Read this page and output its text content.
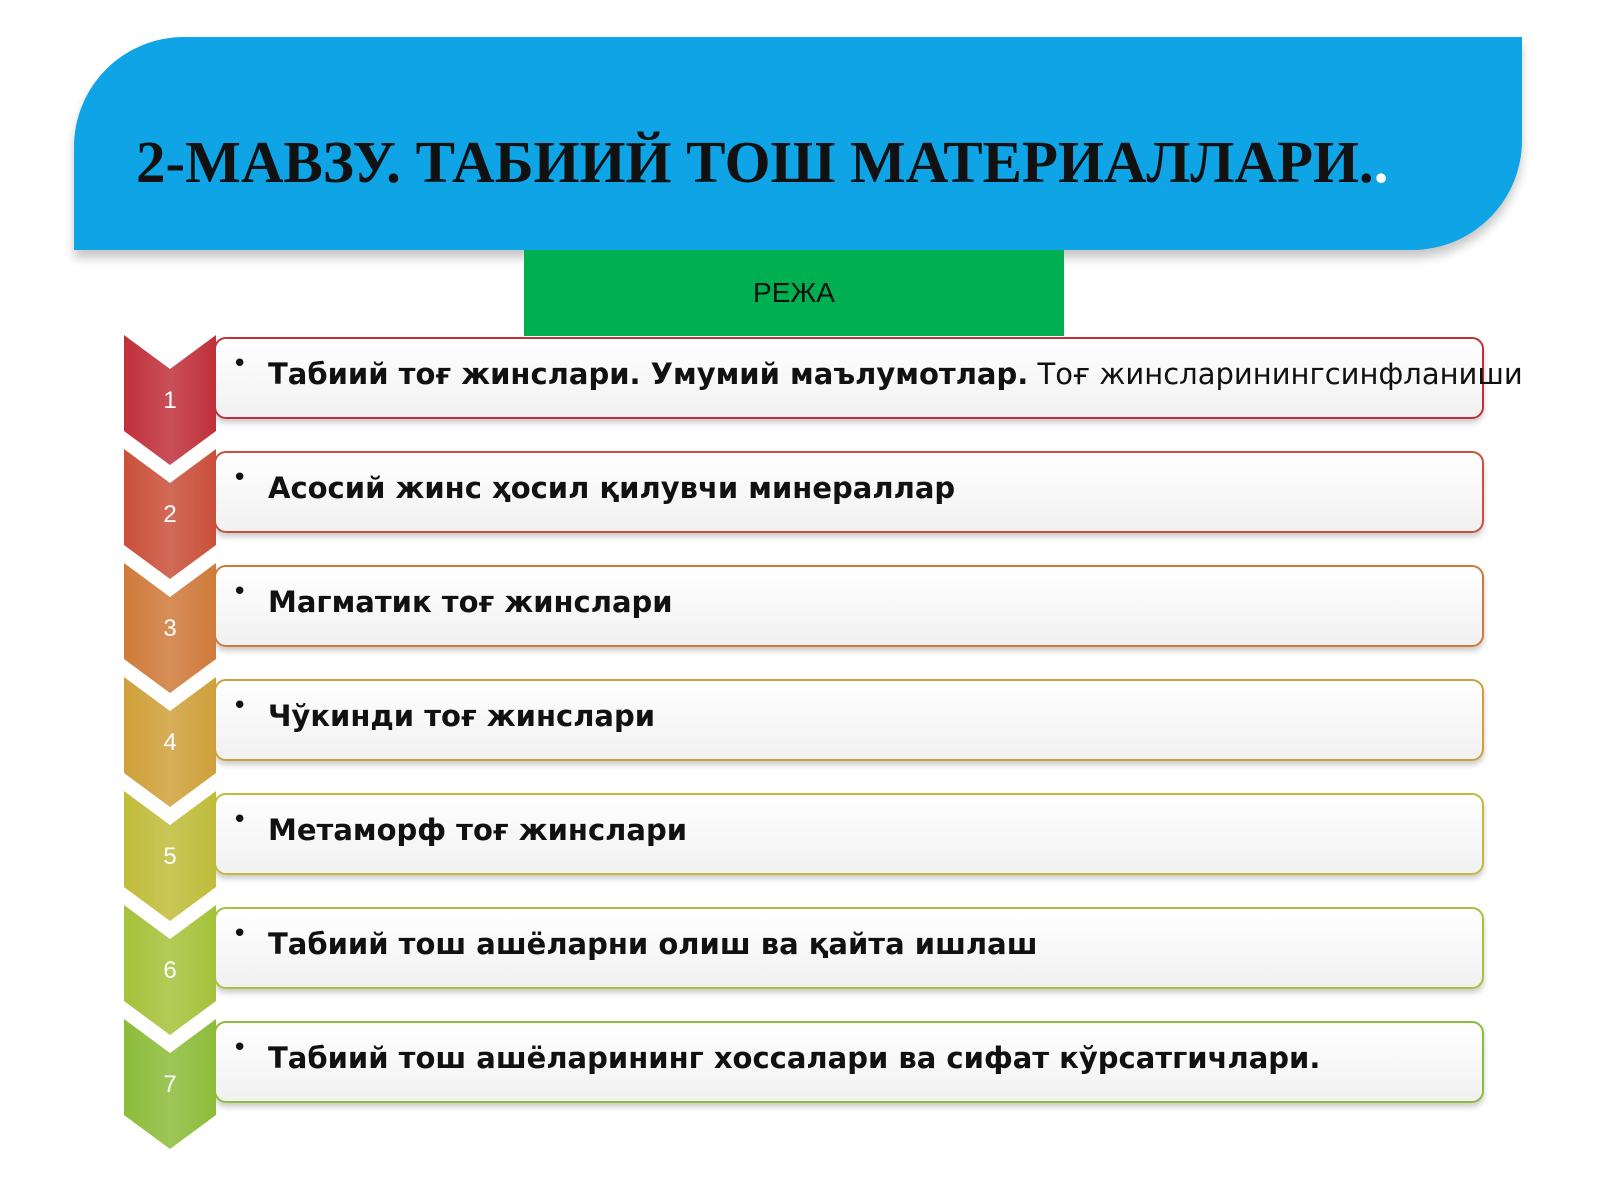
2-МАВЗУ. ТАБИИЙ ТОШ МАТЕРИАЛЛАРИ..
РЕЖА
• Табиий тоғ жинслари. Умумий маълумотлар. Тоғ жинсларинингсинфланиши
1
• Асосий жинс ҳосил қилувчи минераллар
2
• Магматик тоғ жинслари
3
• Чўкинди тоғ жинслари
4
• Метаморф тоғ жинслари
5
• Табиий тош ашёларни олиш ва қайта ишлаш
6
• Табиий тош ашёларининг хоссалари ва сифат кўрсатгичлари.
7
